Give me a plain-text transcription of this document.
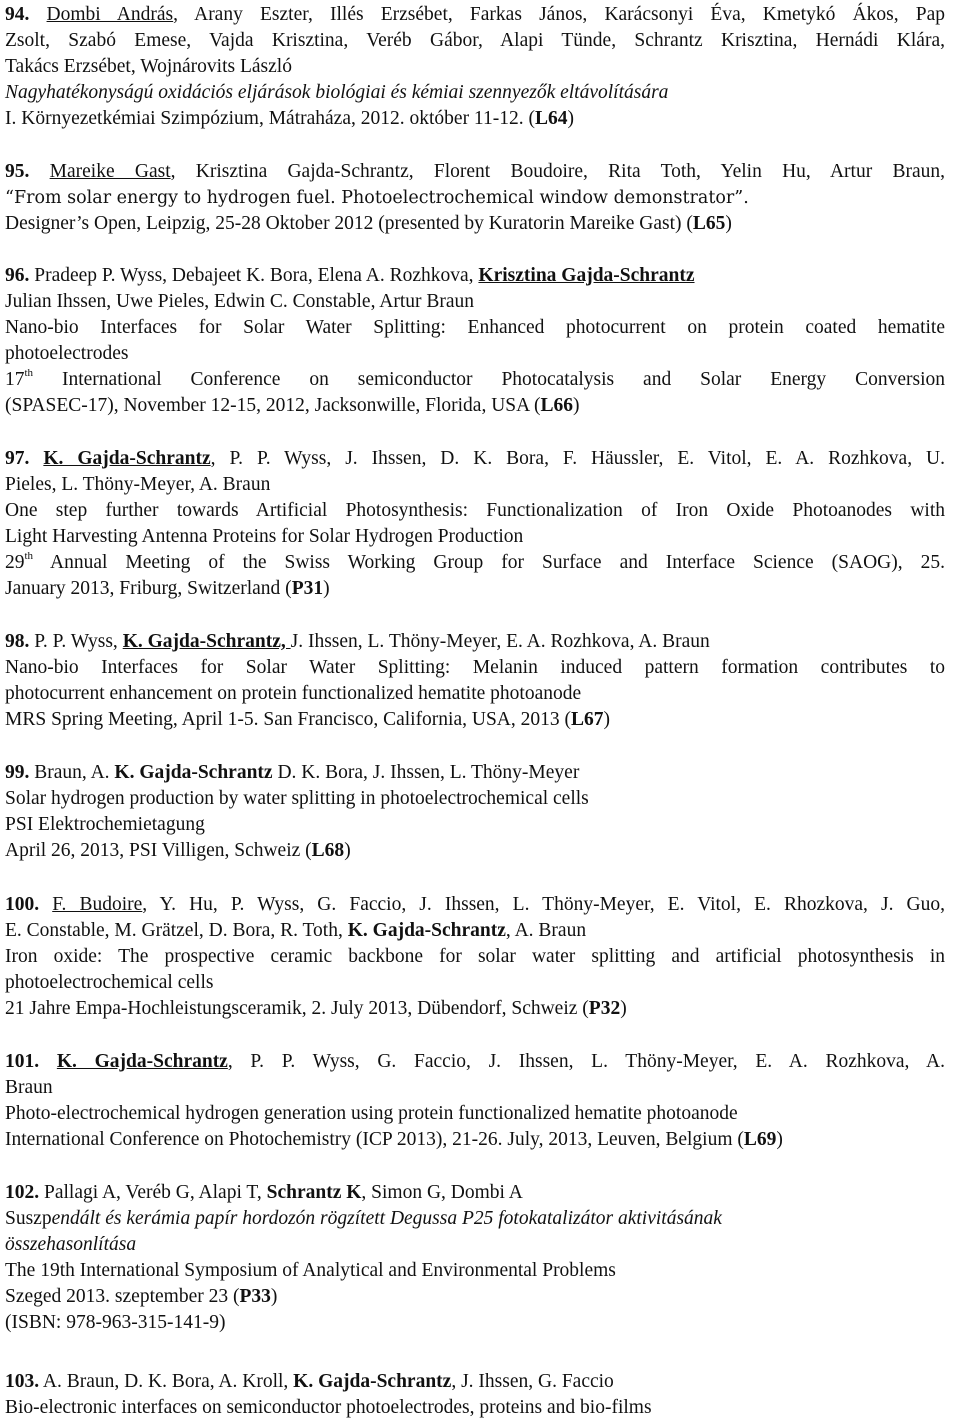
94. Dombi András, Arany Eszter, Illés Erzsébet, Farkas János, Karácsonyi Éva, Kmetykó Ákos, Pap
Zsolt, Szabó Emese, Vajda Krisztina, Veréb Gábor, Alapi Tünde, Schrantz Krisztina, Hernádi Klára,
Takács Erzsébet, Wojnárovits László
Nagyhatékonyságú oxidációs eljárások biológiai és kémiai szennyezők eltávolítására
I. Környezetkémiai Szimpózium, Mátraháza, 2012. október 11-12. (L64)
95. Mareike Gast, Krisztina Gajda-Schrantz, Florent Boudoire, Rita Toth, Yelin Hu, Artur Braun,
“From solar energy to hydrogen fuel. Photoelectrochemical window demonstrator”.
Designer’s Open, Leipzig, 25-28 Oktober 2012 (presented by Kuratorin Mareike Gast) (L65)
96. Pradeep P. Wyss, Debajeet K. Bora, Elena A. Rozhkova, Krisztina Gajda-Schrantz
Julian Ihssen, Uwe Pieles, Edwin C. Constable, Artur Braun
Nano-bio Interfaces for Solar Water Splitting: Enhanced photocurrent on protein coated hematite
photoelectrodes
17th International Conference on semiconductor Photocatalysis and Solar Energy Conversion
(SPASEC-17), November 12-15, 2012, Jacksonwille, Florida, USA (L66)
97. K. Gajda-Schrantz, P. P. Wyss, J. Ihssen, D. K. Bora, F. Häussler, E. Vitol, E. A. Rozhkova, U.
Pieles, L. Thöny-Meyer, A. Braun
One step further towards Artificial Photosynthesis: Functionalization of Iron Oxide Photoanodes with
Light Harvesting Antenna Proteins for Solar Hydrogen Production
29th Annual Meeting of the Swiss Working Group for Surface and Interface Science (SAOG), 25.
January 2013, Friburg, Switzerland (P31)
98. P. P. Wyss, K. Gajda-Schrantz, J. Ihssen, L. Thöny-Meyer, E. A. Rozhkova, A. Braun
Nano-bio Interfaces for Solar Water Splitting: Melanin induced pattern formation contributes to
photocurrent enhancement on protein functionalized hematite photoanode
MRS Spring Meeting, April 1-5. San Francisco, California, USA, 2013 (L67)
99. Braun, A. K. Gajda-Schrantz D. K. Bora, J. Ihssen, L. Thöny-Meyer
Solar hydrogen production by water splitting in photoelectrochemical cells
PSI Elektrochemietagung
April 26, 2013, PSI Villigen, Schweiz (L68)
100. F. Budoire, Y. Hu, P. Wyss, G. Faccio, J. Ihssen, L. Thöny-Meyer, E. Vitol, E. Rhozkova, J. Guo,
E. Constable, M. Grätzel, D. Bora, R. Toth, K. Gajda-Schrantz, A. Braun
Iron oxide: The prospective ceramic backbone for solar water splitting and artificial photosynthesis in
photoelectrochemical cells
21 Jahre Empa-Hochleistungsceramik, 2. July 2013, Dübendorf, Schweiz (P32)
101. K. Gajda-Schrantz, P. P. Wyss, G. Faccio, J. Ihssen, L. Thöny-Meyer, E. A. Rozhkova, A.
Braun
Photo-electrochemical hydrogen generation using protein functionalized hematite photoanode
International Conference on Photochemistry (ICP 2013), 21-26. July, 2013, Leuven, Belgium (L69)
102. Pallagi A, Veréb G, Alapi T, Schrantz K, Simon G, Dombi A
Suszpendált és kerámia papír hordozón rögzített Degussa P25 fotokatalizátor aktivitásának
összehasonlítása
The 19th International Symposium of Analytical and Environmental Problems
Szeged 2013. szeptember 23 (P33)
(ISBN: 978-963-315-141-9)
103. A. Braun, D. K. Bora, A. Kroll, K. Gajda-Schrantz, J. Ihssen, G. Faccio
Bio-electronic interfaces on semiconductor photoelectrodes, proteins and bio-films
